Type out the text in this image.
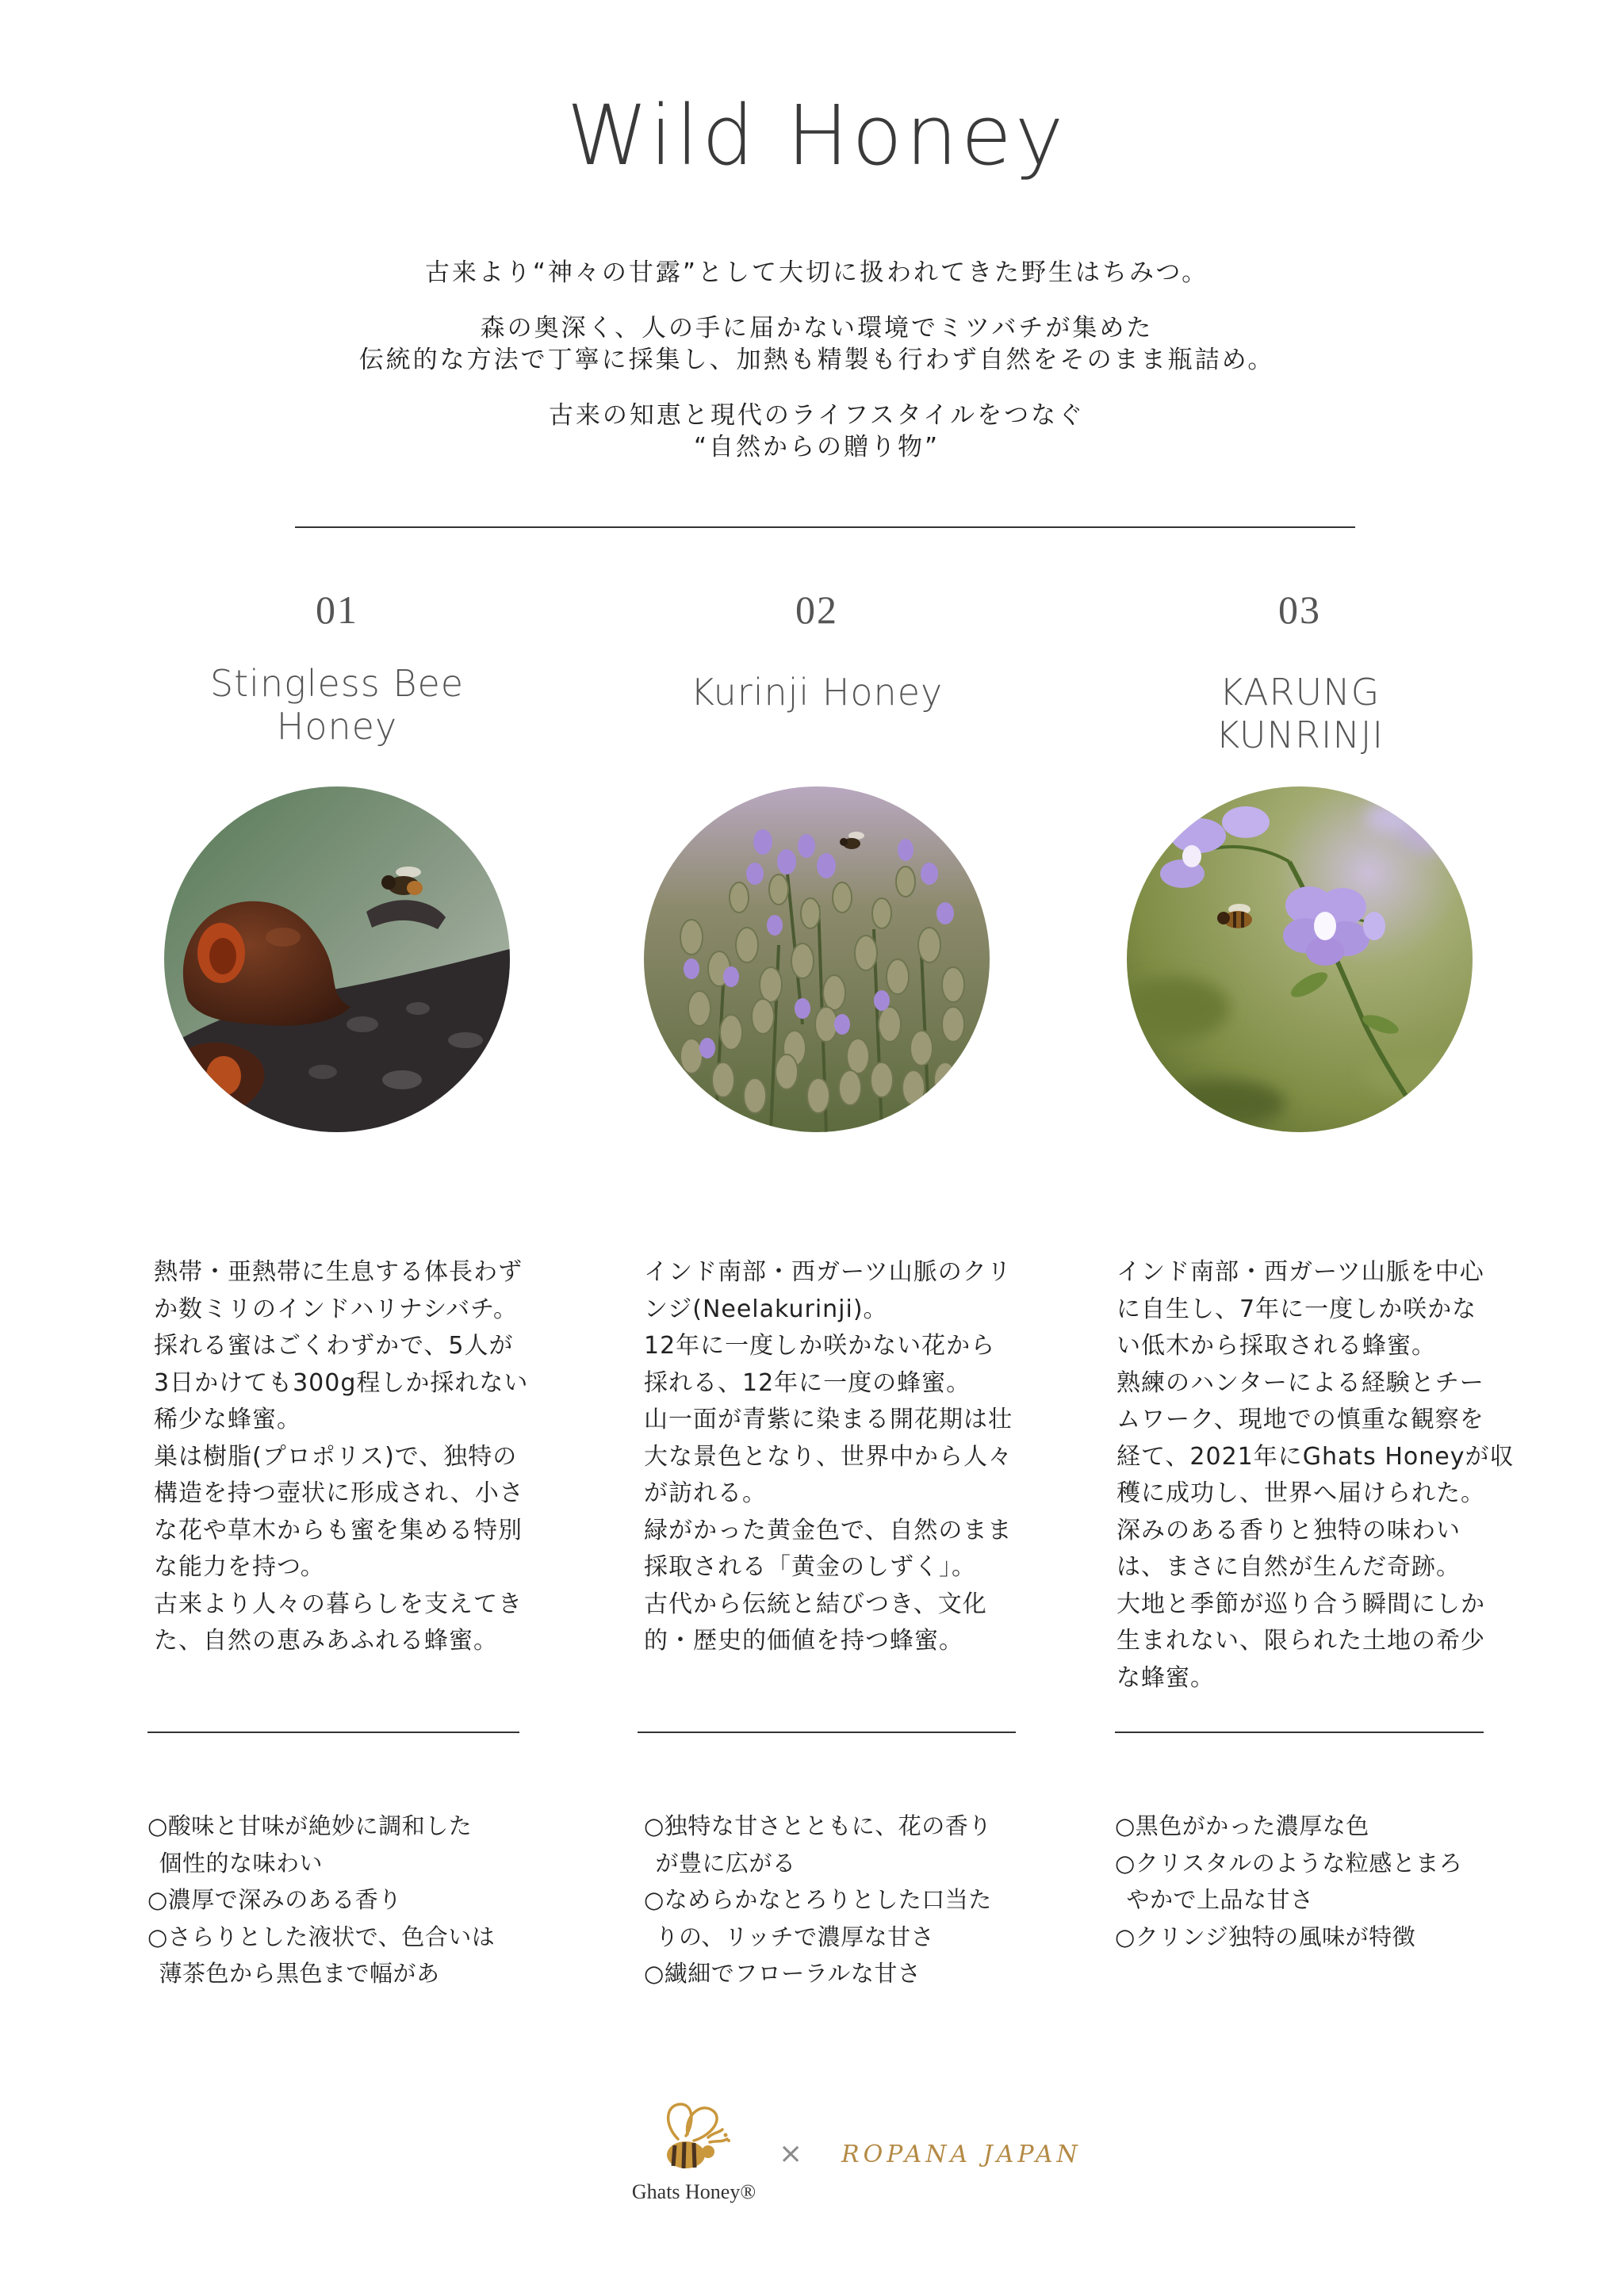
Wild Honey

古来より“神々の甘露”として大切に扱われてきた野生はちみつ。

森の奥深く、人の手に届かない環境でミツバチが集めた
伝統的な方法で丁寧に採集し、加熱も精製も行わず自然をそのまま瓶詰め。

古来の知恵と現代のライフスタイルをつなぐ
“自然からの贈り物”

01
Stingless Bee
Honey
熱帯・亜熱帯に生息する体長わず
か数ミリのインドハリナシバチ。
採れる蜜はごくわずかで、5人が
3日かけても300g程しか採れない
稀少な蜂蜜。
巣は樹脂(プロポリス)で、独特の
構造を持つ壺状に形成され、小さ
な花や草木からも蜜を集める特別
な能力を持つ。
古来より人々の暮らしを支えてき
た、自然の恵みあふれる蜂蜜。
○酸味と甘味が絶妙に調和した
個性的な味わい
○濃厚で深みのある香り
○さらりとした液状で、色合いは
薄茶色から黒色まで幅があ
02
Kurinji Honey
インド南部・西ガーツ山脈のクリ
ンジ(Neelakurinji)。
12年に一度しか咲かない花から
採れる、12年に一度の蜂蜜。
山一面が青紫に染まる開花期は壮
大な景色となり、世界中から人々
が訪れる。
緑がかった黄金色で、自然のまま
採取される「黄金のしずく」。
古代から伝統と結びつき、文化
的・歴史的価値を持つ蜂蜜。
○独特な甘さとともに、花の香り
が豊に広がる
○なめらかなとろりとした口当た
りの、リッチで濃厚な甘さ
○繊細でフローラルな甘さ
03
KARUNG
KUNRINJI
インド南部・西ガーツ山脈を中心
に自生し、7年に一度しか咲かな
い低木から採取される蜂蜜。
熟練のハンターによる経験とチー
ムワーク、現地での慎重な観察を
経て、2021年にGhats Honeyが収
穫に成功し、世界へ届けられた。
深みのある香りと独特の味わい
は、まさに自然が生んだ奇跡。
大地と季節が巡り合う瞬間にしか
生まれない、限られた土地の希少
な蜂蜜。
○黒色がかった濃厚な色
○クリスタルのような粒感とまろ
やかで上品な甘さ
○クリンジ独特の風味が特徴
Ghats Honey®
× ROPANA JAPAN
